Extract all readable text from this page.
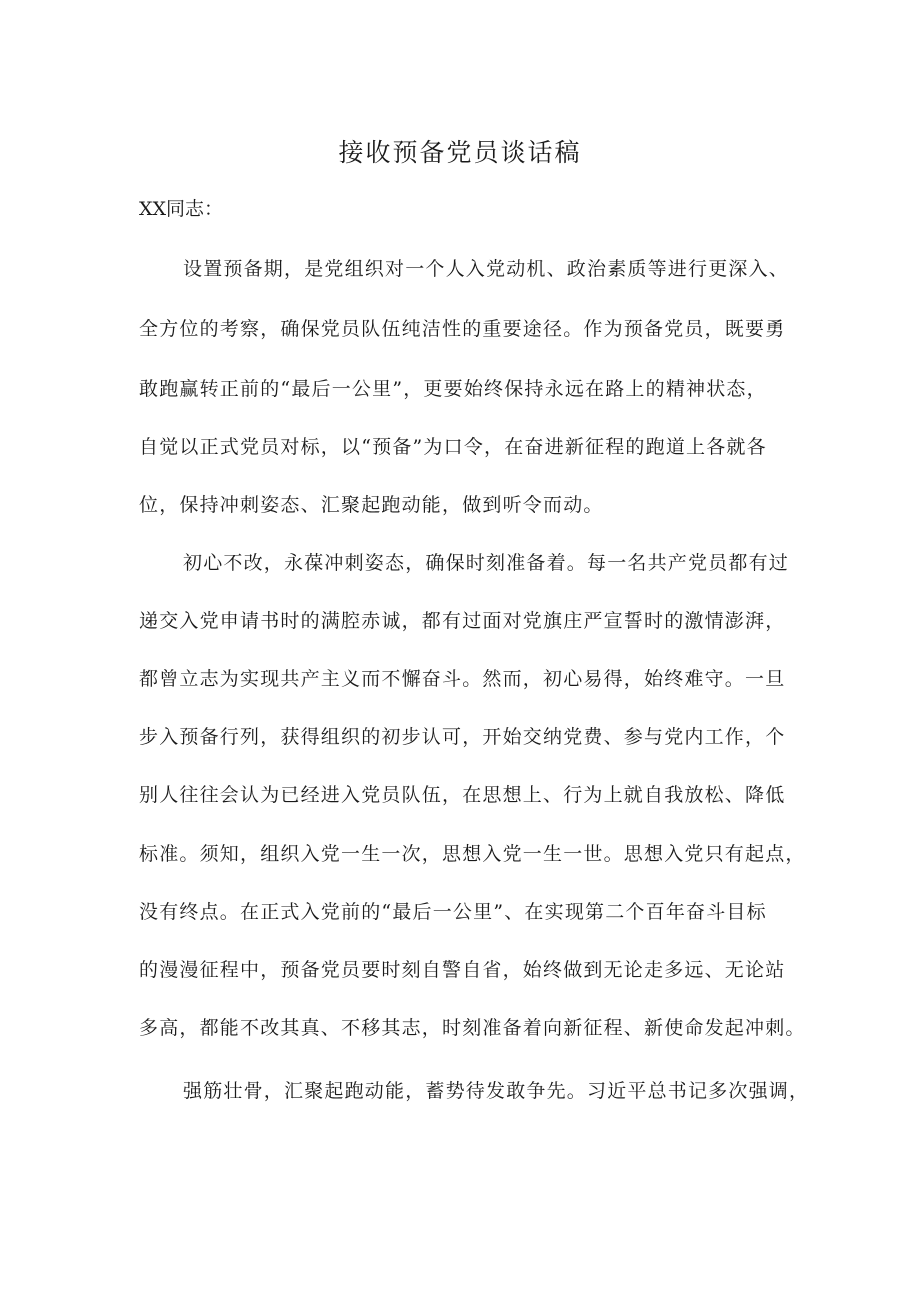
接收预备党员谈话稿
XX同志：
设置预备期，是党组织对一个人入党动机、政治素质等进行更深入、
全方位的考察，确保党员队伍纯洁性的重要途径。作为预备党员，既要勇
敢跑赢转正前的“最后一公里”，更要始终保持永远在路上的精神状态，
自觉以正式党员对标，以“预备”为口令，在奋进新征程的跑道上各就各
位，保持冲刺姿态、汇聚起跑动能，做到听令而动。
初心不改，永葆冲刺姿态，确保时刻准备着。每一名共产党员都有过
递交入党申请书时的满腔赤诚，都有过面对党旗庄严宣誓时的激情澎湃，
都曾立志为实现共产主义而不懈奋斗。然而，初心易得，始终难守。一旦
步入预备行列，获得组织的初步认可，开始交纳党费、参与党内工作，个
别人往往会认为已经进入党员队伍，在思想上、行为上就自我放松、降低
标准。须知，组织入党一生一次，思想入党一生一世。思想入党只有起点，
没有终点。在正式入党前的“最后一公里”、在实现第二个百年奋斗目标
的漫漫征程中，预备党员要时刻自警自省，始终做到无论走多远、无论站
多高，都能不改其真、不移其志，时刻准备着向新征程、新使命发起冲刺。
强筋壮骨，汇聚起跑动能，蓄势待发敢争先。习近平总书记多次强调，
